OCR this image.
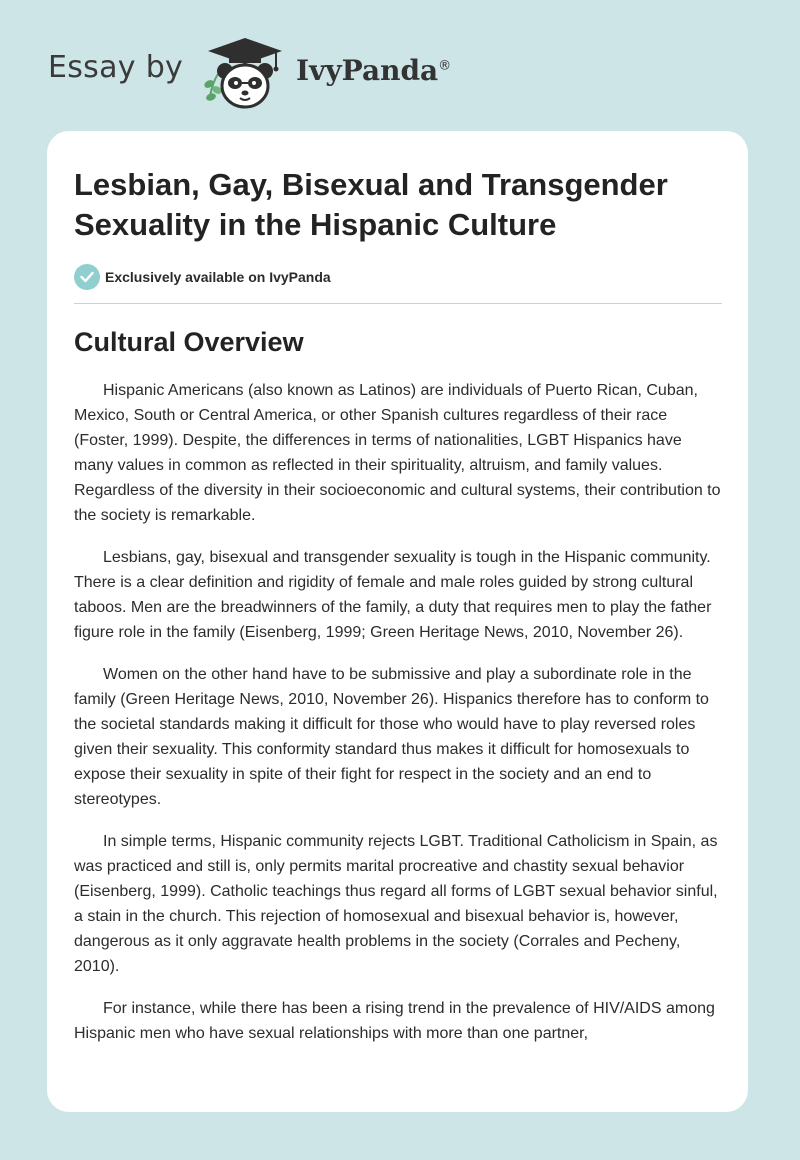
Essay by	IvyPanda®
Lesbian, Gay, Bisexual and Transgender Sexuality in the Hispanic Culture
Exclusively available on IvyPanda
Cultural Overview

Hispanic Americans (also known as Latinos) are individuals of Puerto Rican, Cuban, Mexico, South or Central America, or other Spanish cultures regardless of their race (Foster, 1999). Despite, the differences in terms of nationalities, LGBT Hispanics have many values in common as reflected in their spirituality, altruism, and family values. Regardless of the diversity in their socioeconomic and cultural systems, their contribution to the society is remarkable.

Lesbians, gay, bisexual and transgender sexuality is tough in the Hispanic community. There is a clear definition and rigidity of female and male roles guided by strong cultural taboos. Men are the breadwinners of the family, a duty that requires men to play the father figure role in the family (Eisenberg, 1999; Green Heritage News, 2010, November 26).

Women on the other hand have to be submissive and play a subordinate role in the family (Green Heritage News, 2010, November 26). Hispanics therefore has to conform to the societal standards making it difficult for those who would have to play reversed roles given their sexuality. This conformity standard thus makes it difficult for homosexuals to expose their sexuality in spite of their fight for respect in the society and an end to stereotypes.

In simple terms, Hispanic community rejects LGBT. Traditional Catholicism in Spain, as was practiced and still is, only permits marital procreative and chastity sexual behavior (Eisenberg, 1999). Catholic teachings thus regard all forms of LGBT sexual behavior sinful, a stain in the church. This rejection of homosexual and bisexual behavior is, however, dangerous as it only aggravate health problems in the society (Corrales and Pecheny, 2010).

For instance, while there has been a rising trend in the prevalence of HIV/AIDS among Hispanic men who have sexual relationships with more than one partner,
